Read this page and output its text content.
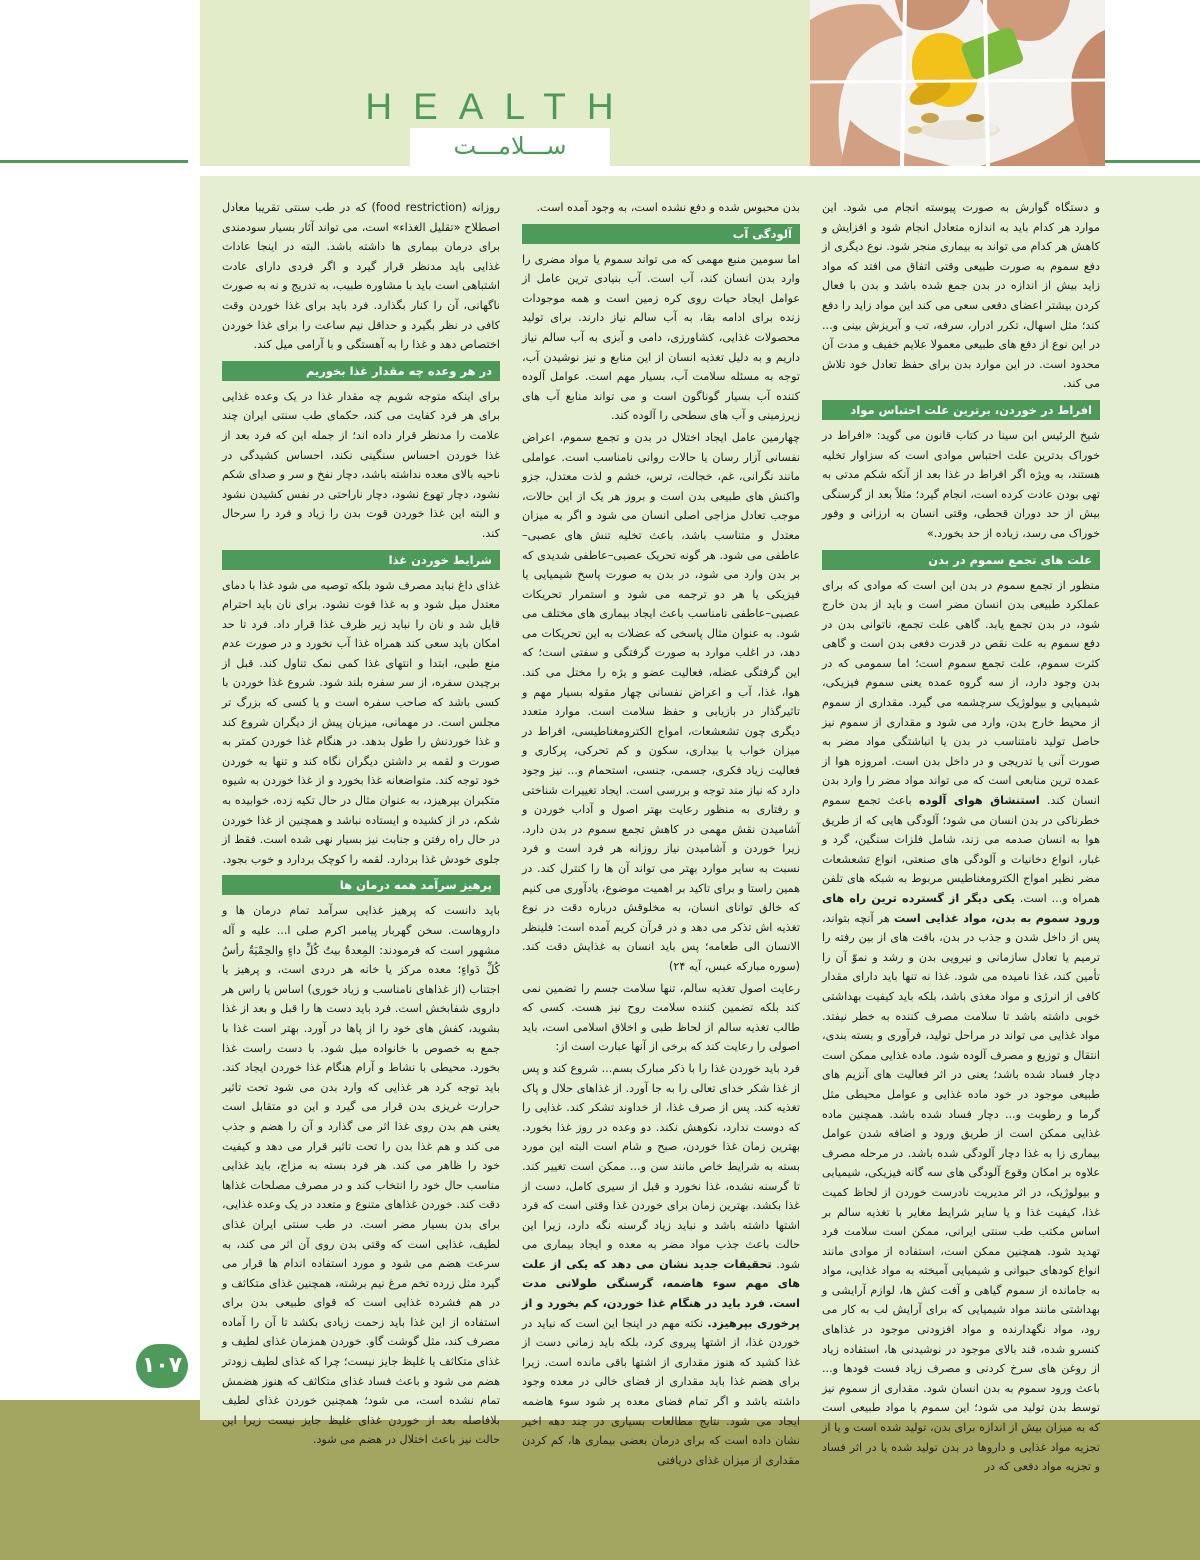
HEALTH
ســـلامـــت

و دستگاه گوارش به صورت پیوسته انجام می شود. این موارد هر کدام باید به اندازه متعادل انجام شود و افزایش و کاهش هر کدام می تواند به بیماری منجر شود. نوع دیگری از دفع سموم به صورت طبیعی وقتی اتفاق می افتد که مواد زاید بیش از اندازه در بدن جمع شده باشد و بدن با فعال کردن بیشتر اعضای دفعی سعی می کند این مواد زاید را دفع کند؛ مثل اسهال، تکرر ادرار، سرفه، تب و آبریزش بینی و... در این نوع از دفع های طبیعی معمولا علایم خفیف و مدت آن محدود است. در این موارد بدن برای حفظ تعادل خود تلاش می کند.

افراط در خوردن، برترین علت احتباس مواد

شیخ الرئیس ابن سینا در کتاب قانون می گوید: «افراط در خوراک بدترین علت احتباس موادی است که سزاوار تخلیه هستند، به ویژه اگر افراط در غذا بعد از آنکه شکم مدتی به تهی بودن عادت کرده است، انجام گیرد؛ مثلاً بعد از گرسنگی بیش از حد دوران قحطی، وقتی انسان به ارزانی و وفور خوراک می رسد، زیاده از حد بخورد.»

علت های تجمع سموم در بدن

منظور از تجمع سموم در بدن این است که موادی که برای عملکرد طبیعی بدن انسان مضر است و باید از بدن خارج شود، در بدن تجمع یابد. گاهی علت تجمع، ناتوانی بدن در دفع سموم به علت نقص در قدرت دفعی بدن است و گاهی کثرت سموم، علت تجمع سموم است؛ اما سمومی که در بدن وجود دارد، از سه گروه عمده یعنی سموم فیزیکی، شیمیایی و بیولوژیک سرچشمه می گیرد. مقداری از سموم از محیط خارج بدن، وارد می شود و مقداری از سموم نیز حاصل تولید نامتناسب در بدن یا انباشتگی مواد مضر به صورت آنی یا تدریجی و در داخل بدن است. امروزه هوا از عمده ترین منابعی است که می تواند مواد مضر را وارد بدن انسان کند. استنشاق هوای آلوده باعث تجمع سموم خطرناکی در بدن انسان می شود؛ آلودگی هایی که از طریق هوا به انسان صدمه می زند، شامل فلزات سنگین، گرد و غبار، انواع دخانیات و آلودگی های صنعتی، انواع تشعشعات مضر نظیر امواج الکترومغناطیس مربوط به شبکه های تلفن همراه و... است. یکی دیگر از گسترده ترین راه های ورود سموم به بدن، مواد غذایی است هر آنچه بتواند، پس از داخل شدن و جذب در بدن، بافت های از بین رفته را ترمیم یا تعادل سازمانی و نیرویی بدن و رشد و نموّ آن را تأمین کند، غذا نامیده می شود. غذا نه تنها باید دارای مقدار کافی از انرژی و مواد مغذی باشد، بلکه باید کیفیت بهداشتی خوبی داشته باشد تا سلامت مصرف کننده به خطر نیفتد. مواد غذایی می تواند در مراحل تولید، فرآوری و بسته بندی، انتقال و توزیع و مصرف آلوده شود. ماده غذایی ممکن است دچار فساد شده باشد؛ یعنی در اثر فعالیت های آنزیم های طبیعی موجود در خود ماده غذایی و عوامل محیطی مثل گرما و رطوبت و... دچار فساد شده باشد. همچنین ماده غذایی ممکن است از طریق ورود و اضافه شدن عوامل بیماری زا به غذا دچار آلودگی شده باشد. در مرحله مصرف علاوه بر امکان وقوع آلودگی های سه گانه فیزیکی، شیمیایی و بیولوژیک، در اثر مدیریت نادرست خوردن از لحاظ کمیت غذا، کیفیت غذا و یا سایر شرایط مغایر با تغذیه سالم بر اساس مکتب طب سنتی ایرانی، ممکن است سلامت فرد تهدید شود. همچنین ممکن است، استفاده از موادی مانند انواع کودهای حیوانی و شیمیایی آمیخته به مواد غذایی، مواد به جامانده از سموم گیاهی و آفت کش ها، لوازم آرایشی و بهداشتی مانند مواد شیمیایی که برای آرایش لب به کار می رود، مواد نگهدارنده و مواد افزودنی موجود در غذاهای کنسرو شده، قند بالای موجود در نوشیدنی ها، استفاده زیاد از روغن های سرخ کردنی و مصرف زیاد فست فودها و... باعث ورود سموم به بدن انسان شود. مقداری از سموم نیز توسط بدن تولید می شود؛ این سموم یا مواد طبیعی است که به میزان بیش از اندازه برای بدن، تولید شده است و یا از تجزیه مواد غذایی و داروها در بدن تولید شده یا در اثر فساد و تجزیه مواد دفعی که در

بدن محبوس شده و دفع نشده است، به وجود آمده است.

آلودگی آب

اما سومین منبع مهمی که می تواند سموم یا مواد مضری را وارد بدن انسان کند، آب است. آب بنیادی ترین عامل از عوامل ایجاد حیات روی کره زمین است و همه موجودات زنده برای ادامه بقا، به آب سالم نیاز دارند. برای تولید محصولات غذایی، کشاورزی، دامی و آبزی به آب سالم نیاز داریم و به دلیل تغذیه انسان از این منابع و نیز نوشیدن آب، توجه به مسئله سلامت آب، بسیار مهم است. عوامل آلوده کننده آب بسیار گوناگون است و می تواند منابع آب های زیرزمینی و آب های سطحی را آلوده کند.

چهارمین عامل ایجاد اختلال در بدن و تجمع سموم، اعراض نفسانی آزار رسان یا حالات روانی نامناسب است. عواملی مانند نگرانی، غم، خجالت، ترس، خشم و لذت معتدل، جزو واکنش های طبیعی بدن است و بروز هر یک از این حالات، موجب تعادل مزاجی اصلی انسان می شود و اگر به میزان معتدل و متناسب باشد، باعث تخلیه تنش های عصبی–عاطفی می شود. هر گونه تحریک عصبی–عاطفی شدیدی که بر بدن وارد می شود، در بدن به صورت پاسخ شیمیایی یا فیزیکی یا هر دو ترجمه می شود و استمرار تحریکات عصبی–عاطفی نامناسب باعث ایجاد بیماری های مختلف می شود. به عنوان مثال پاسخی که عضلات به این تحریکات می دهد، در اغلب موارد به صورت گرفتگی و سفتی است؛ که این گرفتگی عضله، فعالیت عضو و یژه را مختل می کند. هوا، غذا، آب و اعراض نفسانی چهار مقوله بسیار مهم و تاثیرگذار در بازیابی و حفظ سلامت است. موارد متعدد دیگری چون تشعشعات، امواج الکترومغناطیسی، افراط در میزان خواب یا بیداری، سکون و کم تحرکی، پرکاری و فعالیت زیاد فکری، جسمی، جنسی، استحمام و... نیز وجود دارد که نیاز مند توجه و بررسی است. ایجاد تغییرات شناختی و رفتاری به منظور رعایت بهتر اصول و آداب خوردن و آشامیدن نقش مهمی در کاهش تجمع سموم در بدن دارد. زیرا خوردن و آشامیدن نیاز روزانه هر فرد است و فرد نسبت به سایر موارد بهتر می تواند آن ها را کنترل کند. در همین راستا و برای تاکید بر اهمیت موضوع، یادآوری می کنیم که خالق توانای انسان، به مخلوقش درباره دقت در نوع تغذیه اش تذکر می دهد و در قرآن کریم آمده است: فلینظر الانسان الی طعامه؛ پس باید انسان به غذایش دقت کند. (سوره مبارکه عبس، آیه ۲۴)

رعایت اصول تغذیه سالم، تنها سلامت جسم را تضمین نمی کند بلکه تضمین کننده سلامت روح نیز هست. کسی که طالب تغذیه سالم از لحاظ طبی و اخلاق اسلامی است، باید اصولی را رعایت کند که برخی از آنها عبارت است از:

فرد باید خوردن غذا را با ذکر مبارک بسم... شروع کند و پس از غذا شکر خدای تعالی را به جا آورد. از غذاهای حلال و پاک تغذیه کند. پس از صرف غذا، از خداوند تشکر کند. غذایی را که دوست ندارد، نکوهش نکند. دو وعده در روز غذا بخورد. بهترین زمان غذا خوردن، صبح و شام است البته این مورد بسته به شرایط خاص مانند سن و... ممکن است تغییر کند. تا گرسنه نشده، غذا نخورد و قبل از سیری کامل، دست از غذا بکشد. بهترین زمان برای خوردن غذا وقتی است که فرد اشتها داشته باشد و نباید زیاد گرسنه نگه دارد، زیرا این حالت باعث جذب مواد مضر به معده و ایجاد بیماری می شود. تحقیقات جدید نشان می دهد که یکی از علت های مهم سوء هاضمه، گرسنگی طولانی مدت است. فرد باید در هنگام غذا خوردن، کم بخورد و از پرخوری بپرهیزد. نکته مهم در اینجا این است که نباید در خوردن غذا، از اشتها پیروی کرد، بلکه باید زمانی دست از غذا کشید که هنوز مقداری از اشتها باقی مانده است. زیرا برای هضم غذا باید مقداری از فضای خالی در معده وجود داشته باشد و اگر تمام فضای معده پر شود سوء هاضمه ایجاد می شود. نتایج مطالعات بسیاری در چند دهه اخیر نشان داده است که برای درمان بعضی بیماری ها، کم کردن مقداری از میزان غذای دریافتی

روزانه (food restriction) که در طب سنتی تقریبا معادل اصطلاح «تقلیل الغذاء» است، می تواند آثار بسیار سودمندی برای درمان بیماری ها داشته باشد. البته در اینجا عادات غذایی باید مدنظر قرار گیرد و اگر فردی دارای عادت اشتباهی است باید با مشاوره طبیب، به تدریج و نه به صورت ناگهانی، آن را کنار بگذارد. فرد باید برای غذا خوردن وقت کافی در نظر بگیرد و حداقل نیم ساعت را برای غذا خوردن اختصاص دهد و غذا را به آهستگی و با آرامی میل کند.

در هر وعده چه مقدار غذا بخوریم

برای اینکه متوجه شویم چه مقدار غذا در یک وعده غذایی برای هر فرد کفایت می کند، حکمای طب سنتی ایران چند علامت را مدنظر قرار داده اند؛ از جمله این که فرد بعد از غذا خوردن احساس سنگینی نکند، احساس کشیدگی در ناحیه بالای معده نداشته باشد، دچار نفخ و سر و صدای شکم نشود، دچار تهوع نشود، دچار ناراحتی در نفس کشیدن نشود و البته این غذا خوردن قوت بدن را زیاد و فرد را سرحال کند.

شرایط خوردن غذا

غذای داغ نباید مصرف شود بلکه توصیه می شود غذا با دمای معتدل میل شود و به غذا فوت نشود. برای نان باید احترام قایل شد و نان را نباید زیر ظرف غذا قرار داد. فرد تا حد امکان باید سعی کند همراه غذا آب نخورد و در صورت عدم منع طبی، ابتدا و انتهای غذا کمی نمک تناول کند. قبل از برچیدن سفره، از سر سفره بلند شود. شروع غذا خوردن با کسی باشد که صاحب سفره است و یا کسی که بزرگ تر مجلس است. در مهمانی، میزبان پیش از دیگران شروع کند و غذا خوردنش را طول بدهد. در هنگام غذا خوردن کمتر به صورت و لقمه بر داشتن دیگران نگاه کند و تنها به خوردن خود توجه کند. متواضعانه غذا بخورد و از غذا خوردن به شیوه متکبران بپرهیزد، به عنوان مثال در حال تکیه زده، خوابیده به شکم، در از کشیده و ایستاده نباشد و همچنین از غذا خوردن در حال راه رفتن و جنابت نیز بسیار نهی شده است. فقط از جلوی خودش غذا بردارد. لقمه را کوچک بردارد و خوب بجود.

پرهیز سرآمد همه درمان ها

باید دانست که پرهیز غذایی سرآمد تمام درمان ها و داروهاست. سخن گهربار پیامبر اکرم صلی ا... علیه و آله مشهور است که فرمودند: المِعدةُ بیتُ کُلِّ داءٍ والحِمْیَةُ رأسُ کُلِّ دَواءٍ؛ معده مرکز یا خانه هر دردی است، و پرهیز یا اجتناب (از غذاهای نامناسب و زیاد خوری) اساس یا راس هر داروی شفابخش است. فرد باید دست ها را قبل و بعد از غذا بشوید، کفش های خود را از پاها در آورد. بهتر است غذا با جمع به خصوص با خانواده میل شود. با دست راست غذا بخورد. محیطی با نشاط و آرام هنگام غذا خوردن ایجاد کند. باید توجه کرد هر غذایی که وارد بدن می شود تحت تاثیر حرارت غریزی بدن قرار می گیرد و این دو متقابل است یعنی هم بدن روی غذا اثر می گذارد و آن را هضم و جذب می کند و هم غذا بدن را تحت تاثیر قرار می دهد و کیفیت خود را ظاهر می کند. هر فرد بسته به مزاج، باید غذایی مناسب حال خود را انتخاب کند و در مصرف مصلحات غذاها دقت کند. خوردن غذاهای متنوع و متعدد در یک وعده غذایی، برای بدن بسیار مضر است. در طب سنتی ایران غذای لطیف، غذایی است که وقتی بدن روی آن اثر می کند، به سرعت هضم می شود و مورد استفاده اندام ها قرار می گیرد مثل زرده تخم مرغ نیم برشته، همچنین غذای متکاثف و در هم فشرده غذایی است که قوای طبیعی بدن برای استفاده از این غذا باید زحمت زیادی بکشد تا آن را آماده مصرف کند، مثل گوشت گاو. خوردن همزمان غذای لطیف و غذای متکاثف یا غلیظ جایز نیست؛ چرا که غذای لطیف زودتر هضم می شود و باعث فساد غذای متکاثف که هنوز هضمش تمام نشده است، می شود؛ همچنین خوردن غذای لطیف بلافاصله بعد از خوردن غذای غلیظ جایز نیست زیرا این حالت نیز باعث اختلال در هضم می شود.

١٠٧
